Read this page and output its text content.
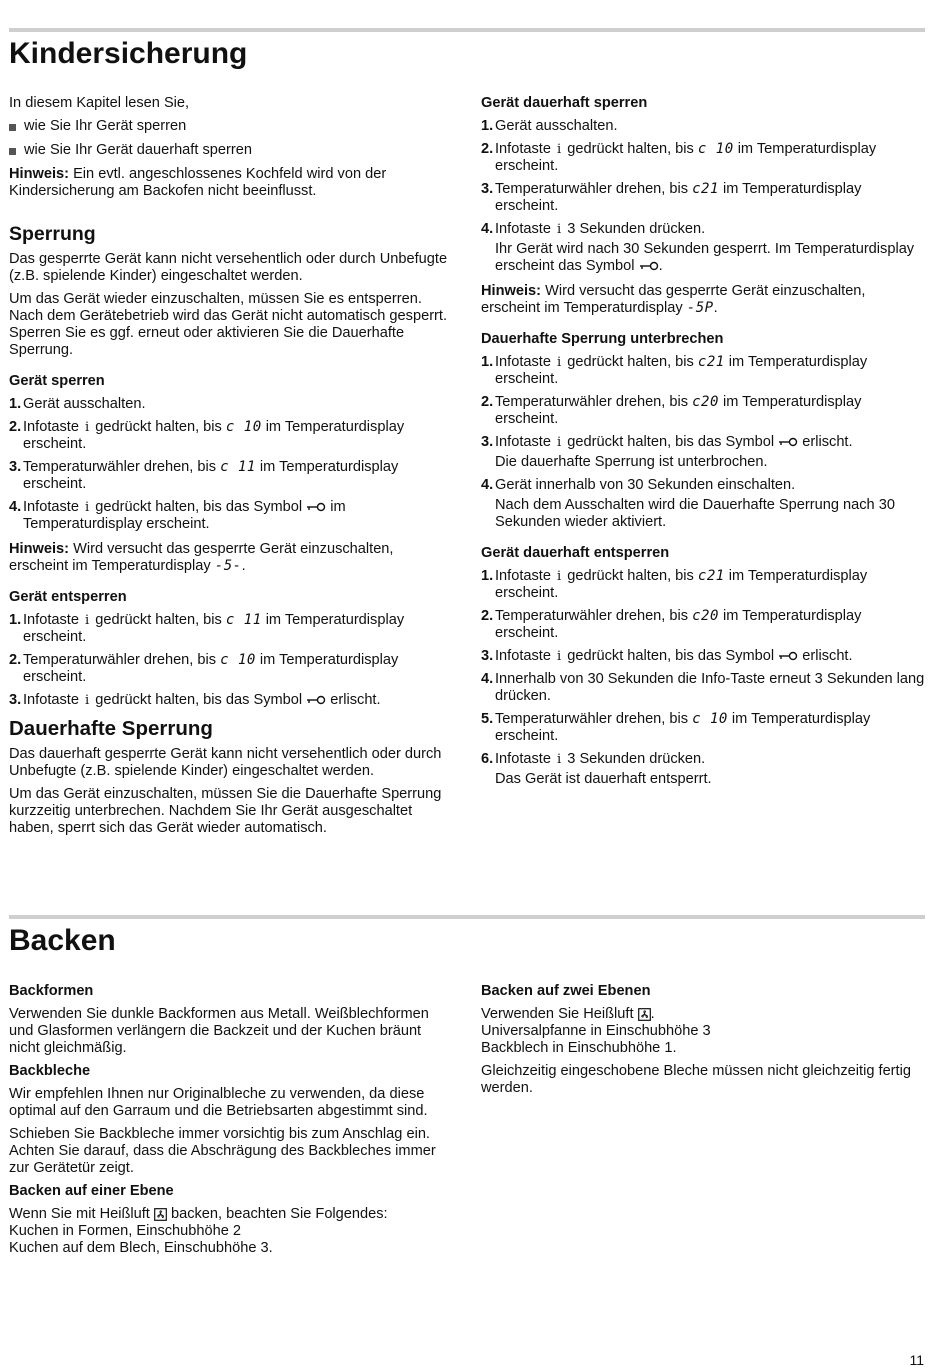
Kindersicherung

In diesem Kapitel lesen Sie,

wie Sie Ihr Gerät sperren
wie Sie Ihr Gerät dauerhaft sperren

Hinweis: Ein evtl. angeschlossenes Kochfeld wird von der Kindersicherung am Backofen nicht beeinflusst.

Sperrung

Das gesperrte Gerät kann nicht versehentlich oder durch Unbefugte (z.B. spielende Kinder) eingeschaltet werden.

Um das Gerät wieder einzuschalten, müssen Sie es entsperren. Nach dem Gerätebetrieb wird das Gerät nicht automatisch gesperrt. Sperren Sie es ggf. erneut oder aktivieren Sie die Dauerhafte Sperrung.

Gerät sperren
1. Gerät ausschalten.
2. Infotaste i gedrückt halten, bis c 10 im Temperaturdisplay erscheint.
3. Temperaturwähler drehen, bis c 11 im Temperaturdisplay erscheint.
4. Infotaste i gedrückt halten, bis das Symbol im Temperaturdisplay erscheint.

Hinweis: Wird versucht das gesperrte Gerät einzuschalten, erscheint im Temperaturdisplay -5-.

Gerät entsperren
1. Infotaste i gedrückt halten, bis c 11 im Temperaturdisplay erscheint.
2. Temperaturwähler drehen, bis c 10 im Temperaturdisplay erscheint.
3. Infotaste i gedrückt halten, bis das Symbol erlischt.
Dauerhafte Sperrung

Das dauerhaft gesperrte Gerät kann nicht versehentlich oder durch Unbefugte (z.B. spielende Kinder) eingeschaltet werden.

Um das Gerät einzuschalten, müssen Sie die Dauerhafte Sperrung kurzzeitig unterbrechen. Nachdem Sie Ihr Gerät ausgeschaltet haben, sperrt sich das Gerät wieder automatisch.

Gerät dauerhaft sperren
1. Gerät ausschalten.
2. Infotaste i gedrückt halten, bis c 10 im Temperaturdisplay erscheint.
3. Temperaturwähler drehen, bis c21 im Temperaturdisplay erscheint.
4. Infotaste i 3 Sekunden drücken.
Ihr Gerät wird nach 30 Sekunden gesperrt. Im Temperaturdisplay erscheint das Symbol .

Hinweis: Wird versucht das gesperrte Gerät einzuschalten, erscheint im Temperaturdisplay -5P.

Dauerhafte Sperrung unterbrechen
1. Infotaste i gedrückt halten, bis c21 im Temperaturdisplay erscheint.
2. Temperaturwähler drehen, bis c20 im Temperaturdisplay erscheint.
3. Infotaste i gedrückt halten, bis das Symbol erlischt.
Die dauerhafte Sperrung ist unterbrochen.
4. Gerät innerhalb von 30 Sekunden einschalten.
Nach dem Ausschalten wird die Dauerhafte Sperrung nach 30 Sekunden wieder aktiviert.
Gerät dauerhaft entsperren
1. Infotaste i gedrückt halten, bis c21 im Temperaturdisplay erscheint.
2. Temperaturwähler drehen, bis c20 im Temperaturdisplay erscheint.
3. Infotaste i gedrückt halten, bis das Symbol erlischt.
4. Innerhalb von 30 Sekunden die Info-Taste erneut 3 Sekunden lang drücken.
5. Temperaturwähler drehen, bis c 10 im Temperaturdisplay erscheint.
6. Infotaste i 3 Sekunden drücken.
Das Gerät ist dauerhaft entsperrt.
Backen
Backformen

Verwenden Sie dunkle Backformen aus Metall. Weißblechformen und Glasformen verlängern die Backzeit und der Kuchen bräunt nicht gleichmäßig.

Backbleche

Wir empfehlen Ihnen nur Originalbleche zu verwenden, da diese optimal auf den Garraum und die Betriebsarten abgestimmt sind.

Schieben Sie Backbleche immer vorsichtig bis zum Anschlag ein. Achten Sie darauf, dass die Abschrägung des Backbleches immer zur Gerätetür zeigt.

Backen auf einer Ebene

Wenn Sie mit Heißluft backen, beachten Sie Folgendes:
Kuchen in Formen, Einschubhöhe 2
Kuchen auf dem Blech, Einschubhöhe 3.

Backen auf zwei Ebenen

Verwenden Sie Heißluft .
Universalpfanne in Einschubhöhe 3
Backblech in Einschubhöhe 1.

Gleichzeitig eingeschobene Bleche müssen nicht gleichzeitig fertig werden.

11
